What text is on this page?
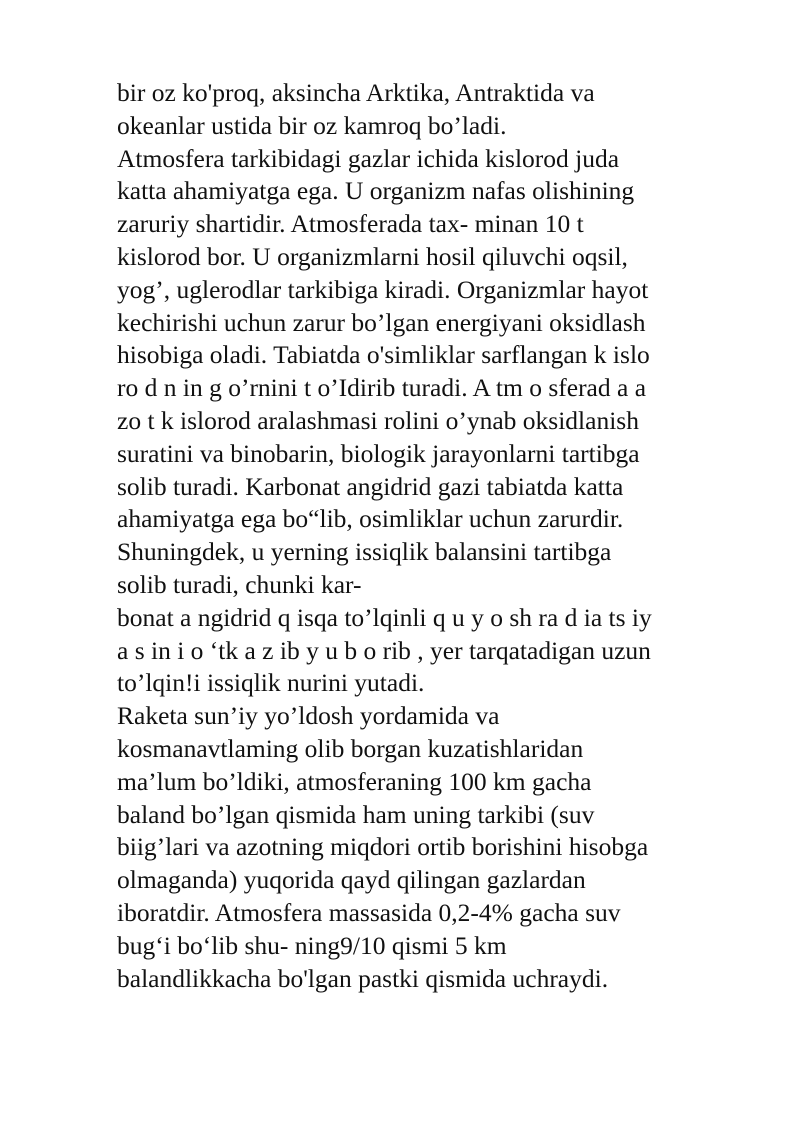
bir oz ko'proq, aksincha Arktika, Antraktida va
okeanlar ustida bir oz kamroq bo’ladi.
Atmosfera tarkibidagi gazlar ichida kislorod juda
katta ahamiyatga ega. U organizm nafas olishining
zaruriy shartidir. Atmosferada tax- minan 10 t
kislorod bor. U organizmlarni hosil qiluvchi oqsil,
yog’, uglerodlar tarkibiga kiradi. Organizmlar hayot
kechirishi uchun zarur bo’lgan energiyani oksidlash
hisobiga oladi. Tabiatda o'simliklar sarflangan k islo
ro d n in g o’rnini t o’Idirib turadi. A tm o sferad a a
zo t k islorod aralashmasi rolini o’ynab oksidlanish
suratini va binobarin, biologik jarayonlarni tartibga
solib turadi. Karbonat angidrid gazi tabiatda katta
ahamiyatga ega bo“lib, osimliklar uchun zarurdir.
Shuningdek, u yerning issiqlik balansini tartibga
solib turadi, chunki kar-
bonat a ngidrid q isqa to’lqinli q u y o sh ra d ia ts iy
a s in i o ‘tk a z ib y u b o rib , yer tarqatadigan uzun
to’lqin!i issiqlik nurini yutadi.
Raketa sun’iy yo’ldosh yordamida va
kosmanavtlaming olib borgan kuzatishlaridan
ma’lum bo’ldiki, atmosferaning 100 km gacha
baland bo’lgan qismida ham uning tarkibi (suv
biig’lari va azotning miqdori ortib borishini hisobga
olmaganda) yuqorida qayd qilingan gazlardan
iboratdir. Atmosfera massasida 0,2-4% gacha suv
bug‘i bo‘lib shu- ning9/10 qismi 5 km
balandlikkacha bo'lgan pastki qismida uchraydi.
